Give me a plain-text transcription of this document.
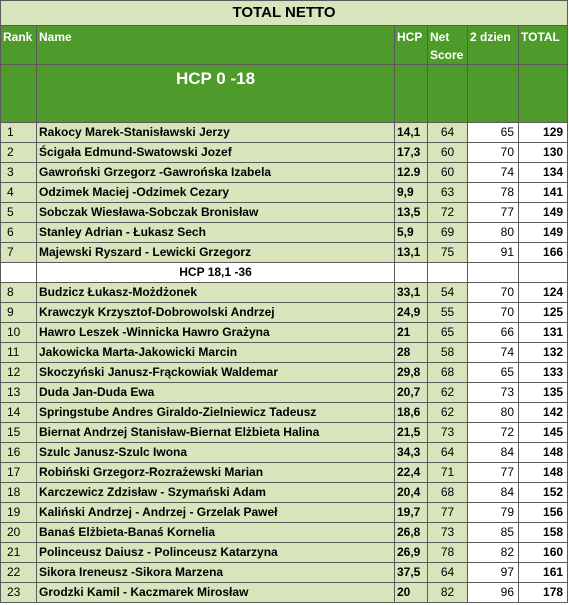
TOTAL NETTO					
Rank	Name	HCP	Net Score	2 dzien	TOTAL
	HCP 0 -18				
1	Rakocy Marek-Stanisławski Jerzy	14,1	64	65	129
2	Ścigała Edmund-Swatowski Jozef	17,3	60	70	130
3	Gawroński Grzegorz -Gawrońska Izabela	12.9	60	74	134
4	Odzimek Maciej -Odzimek Cezary	9,9	63	78	141
5	Sobczak Wiesława-Sobczak Bronisław	13,5	72	77	149
6	Stanley Adrian - Łukasz Sech	5,9	69	80	149
7	Majewski Ryszard - Lewicki Grzegorz	13,1	75	91	166
	HCP 18,1 -36				
8	Budzicz Łukasz-Możdżonek	33,1	54	70	124
9	Krawczyk Krzysztof-Dobrowolski Andrzej	24,9	55	70	125
10	Hawro Leszek -Winnicka Hawro Grażyna	21	65	66	131
11	Jakowicka Marta-Jakowicki Marcin	28	58	74	132
12	Skoczyński Janusz-Frąckowiak Waldemar	29,8	68	65	133
13	Duda Jan-Duda Ewa	20,7	62	73	135
14	Springstube Andres Giraldo-Zielniewicz Tadeusz	18,6	62	80	142
15	Biernat Andrzej Stanisław-Biernat Elżbieta Halina	21,5	73	72	145
16	Szulc Janusz-Szulc Iwona	34,3	64	84	148
17	Robiński Grzegorz-Rozrażewski Marian	22,4	71	77	148
18	Karczewicz Zdzisław - Szymański Adam	20,4	68	84	152
19	Kaliński Andrzej - Andrzej - Grzelak Paweł	19,7	77	79	156
20	Banaś Elżbieta-Banaś Kornelia	26,8	73	85	158
21	Polinceusz Daiusz - Polinceusz Katarzyna	26,9	78	82	160
22	Sikora Ireneusz -Sikora Marzena	37,5	64	97	161
23	Grodzki Kamil - Kaczmarek Mirosław	20	82	96	178
